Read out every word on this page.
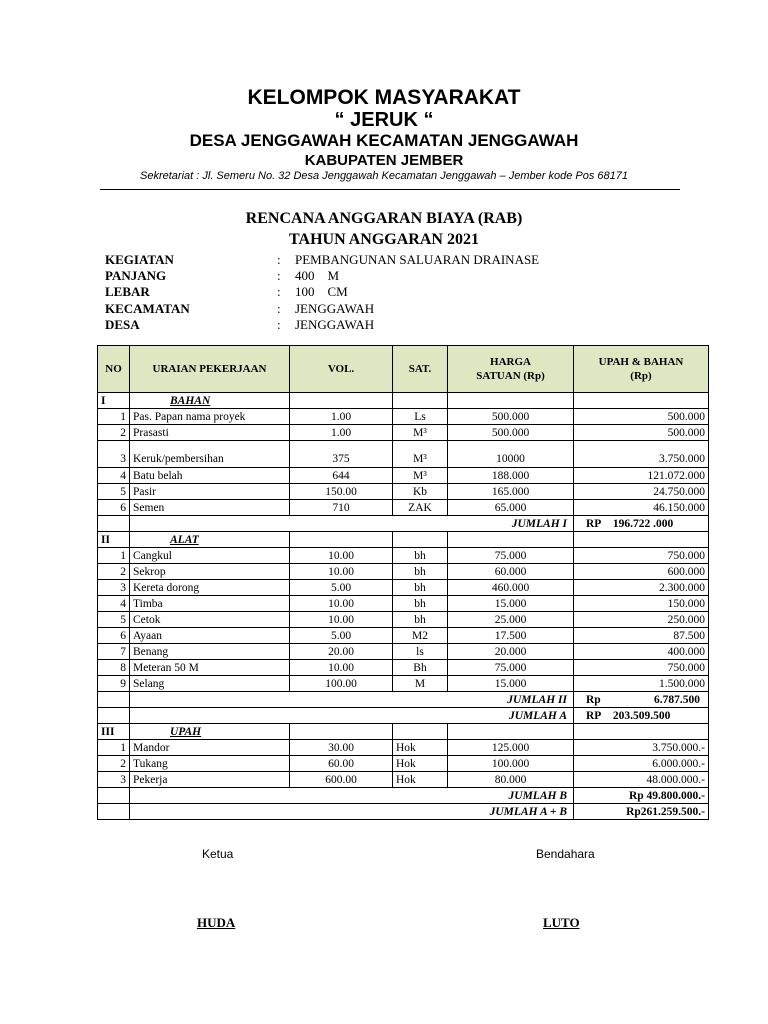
KELOMPOK MASYARAKAT
“ JERUK “
DESA JENGGAWAH KECAMATAN JENGGAWAH
KABUPATEN JEMBER
Sekretariat : Jl. Semeru No. 32 Desa Jenggawah Kecamatan Jenggawah – Jember kode Pos 68171
RENCANA ANGGARAN BIAYA (RAB)
TAHUN ANGGARAN 2021
KEGIATAN	: PEMBANGUNAN SALUARAN DRAINASE
PANJANG	: 400    M
LEBAR	: 100    CM
KECAMATAN	: JENGGAWAH
DESA	: JENGGAWAH
NO	URAIAN PEKERJAAN	VOL.	SAT.	HARGA SATUAN (Rp)	UPAH & BAHAN (Rp)
I	BAHAN				
1	Pas. Papan nama proyek	1.00	Ls	500.000	500.000
2	Prasasti	1.00	M³	500.000	500.000
3	Keruk/pembersihan	375	M³	10000	3.750.000
4	Batu belah	644	M³	188.000	121.072.000
5	Pasir	150.00	Kb	165.000	24.750.000
6	Semen	710	ZAK	65.000	46.150.000
	JUMLAH I				RP 196.722 .000
II	ALAT				
1	Cangkul	10.00	bh	75.000	750.000
2	Sekrop	10.00	bh	60.000	600.000
3	Kereta dorong	5.00	bh	460.000	2.300.000
4	Timba	10.00	bh	15.000	150.000
5	Cetok	10.00	bh	25.000	250.000
6	Ayaan	5.00	M2	17.500	87.500
7	Benang	20.00	ls	20.000	400.000
8	Meteran 50 M	10.00	Bh	75.000	750.000
9	Selang	100.00	M	15.000	1.500.000
	JUMLAH II				Rp 6.787.500

	JUMLAH A				RP 203.509.500
III	UPAH				
1	Mandor	30.00	Hok	125.000	3.750.000.-
2	Tukang	60.00	Hok	100.000	6.000.000.-
3	Pekerja	600.00	Hok	80.000	48.000.000.-
	JUMLAH B				Rp 49.800.000.-
	JUMLAH A + B				Rp261.259.500.-
Ketua	Bendahara
HUDA	LUTO
